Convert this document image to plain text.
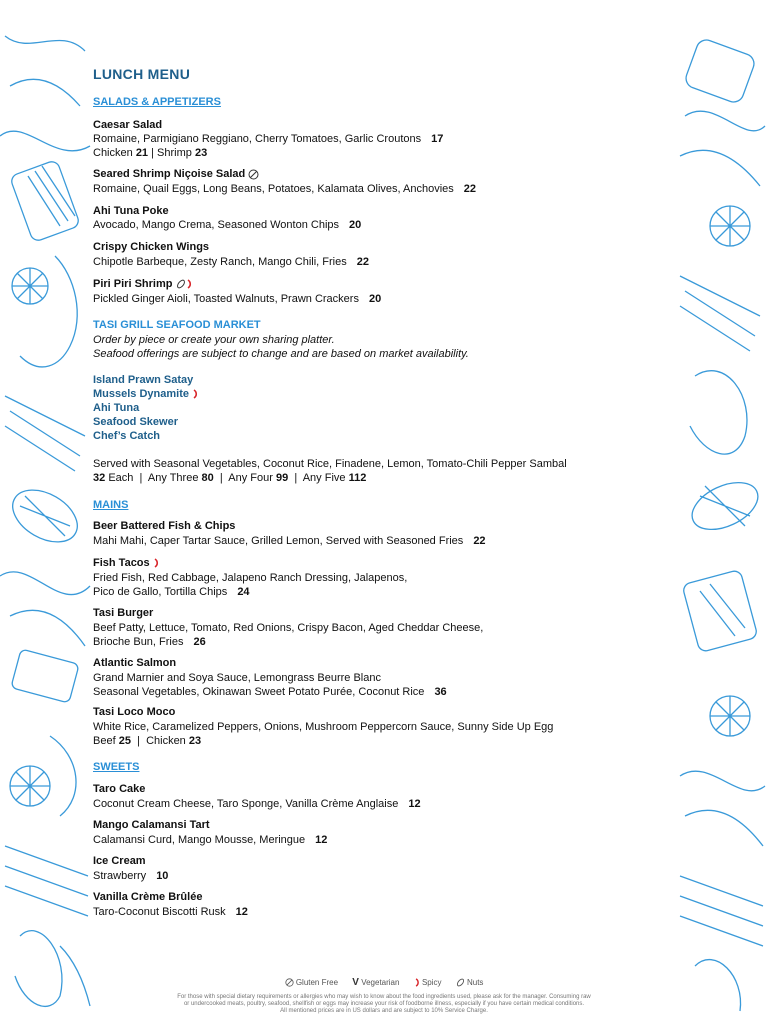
LUNCH MENU
SALADS & APPETIZERS
Caesar Salad
Romaine, Parmigiano Reggiano, Cherry Tomatoes, Garlic Croutons 17
Chicken 21 | Shrimp 23
Seared Shrimp Niçoise Salad
Romaine, Quail Eggs, Long Beans, Potatoes, Kalamata Olives, Anchovies 22
Ahi Tuna Poke
Avocado, Mango Crema, Seasoned Wonton Chips 20
Crispy Chicken Wings
Chipotle Barbeque, Zesty Ranch, Mango Chili, Fries 22
Piri Piri Shrimp
Pickled Ginger Aioli, Toasted Walnuts, Prawn Crackers 20
TASI GRILL SEAFOOD MARKET
Order by piece or create your own sharing platter.
Seafood offerings are subject to change and are based on market availability.
Island Prawn Satay
Mussels Dynamite
Ahi Tuna
Seafood Skewer
Chef’s Catch
Served with Seasonal Vegetables, Coconut Rice, Finadene, Lemon, Tomato-Chili Pepper Sambal
32 Each | Any Three 80 | Any Four 99 | Any Five 112
MAINS
Beer Battered Fish & Chips
Mahi Mahi, Caper Tartar Sauce, Grilled Lemon, Served with Seasoned Fries 22
Fish Tacos
Fried Fish, Red Cabbage, Jalapeno Ranch Dressing, Jalapenos,
Pico de Gallo, Tortilla Chips 24
Tasi Burger
Beef Patty, Lettuce, Tomato, Red Onions, Crispy Bacon, Aged Cheddar Cheese,
Brioche Bun, Fries 26
Atlantic Salmon
Grand Marnier and Soya Sauce, Lemongrass Beurre Blanc
Seasonal Vegetables, Okinawan Sweet Potato Purée, Coconut Rice 36
Tasi Loco Moco
White Rice, Caramelized Peppers, Onions, Mushroom Peppercorn Sauce, Sunny Side Up Egg
Beef 25 | Chicken 23
SWEETS
Taro Cake
Coconut Cream Cheese, Taro Sponge, Vanilla Crème Anglaise 12
Mango Calamansi Tart
Calamansi Curd, Mango Mousse, Meringue 12
Ice Cream
Strawberry 10
Vanilla Crème Brûlée
Taro-Coconut Biscotti Rusk 12
Gluten Free V Vegetarian	Spicy	Nuts
For those with special dietary requirements or allergies who may wish to know about the food ingredients used, please ask for the manager. Consuming raw
or undercooked meats, poultry, seafood, shellfish or eggs may increase your risk of foodborne illness, especially if you have certain medical conditions.
All mentioned prices are in US dollars and are subject to 10% Service Charge.
